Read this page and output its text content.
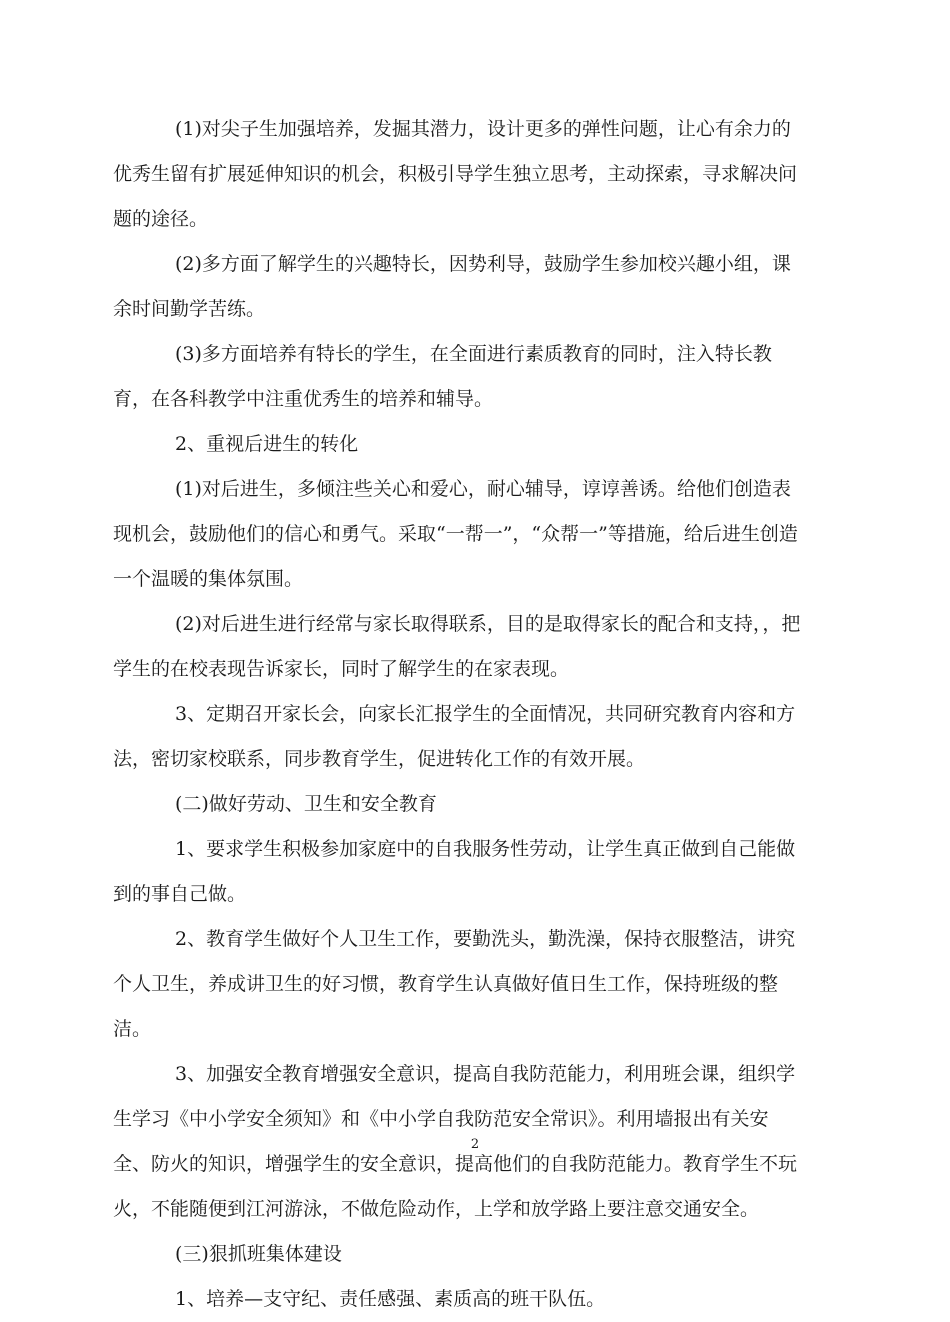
(1)对尖子生加强培养，发掘其潜力，设计更多的弹性问题，让心有余力的优秀生留有扩展延伸知识的机会，积极引导学生独立思考，主动探索，寻求解决问题的途径。

(2)多方面了解学生的兴趣特长，因势利导，鼓励学生参加校兴趣小组，课余时间勤学苦练。

(3)多方面培养有特长的学生，在全面进行素质教育的同时，注入特长教育，在各科教学中注重优秀生的培养和辅导。

2、重视后进生的转化

(1)对后进生，多倾注些关心和爱心，耐心辅导，谆谆善诱。给他们创造表现机会，鼓励他们的信心和勇气。采取“一帮一”，“众帮一”等措施，给后进生创造一个温暖的集体氛围。

(2)对后进生进行经常与家长取得联系，目的是取得家长的配合和支持，，把学生的在校表现告诉家长，同时了解学生的在家表现。

3、定期召开家长会，向家长汇报学生的全面情况，共同研究教育内容和方法，密切家校联系，同步教育学生，促进转化工作的有效开展。

(二)做好劳动、卫生和安全教育

1、要求学生积极参加家庭中的自我服务性劳动，让学生真正做到自己能做到的事自己做。

2、教育学生做好个人卫生工作，要勤洗头，勤洗澡，保持衣服整洁，讲究个人卫生，养成讲卫生的好习惯，教育学生认真做好值日生工作，保持班级的整洁。

3、加强安全教育增强安全意识，提高自我防范能力，利用班会课，组织学生学习《中小学安全须知》和《中小学自我防范安全常识》。利用墙报出有关安全、防火的知识，增强学生的安全意识，提高他们的自我防范能力。教育学生不玩火，不能随便到江河游泳，不做危险动作，上学和放学路上要注意交通安全。

(三)狠抓班集体建设

1、培养—支守纪、责任感强、素质高的班干队伍。

2
